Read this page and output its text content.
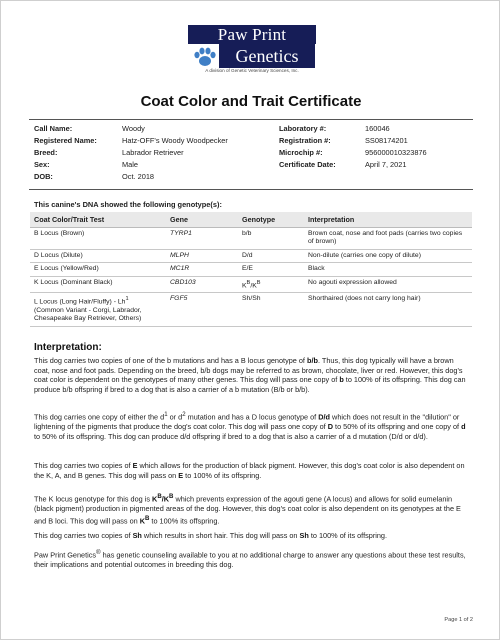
Paw Print
Genetics
A division of Genetic Veterinary Sciences, Inc.
Coat Color and Trait Certificate
Call Name:	Woody
Registered Name:	Hatz-OFF's Woody Woodpecker
Breed:	Labrador Retriever
Sex:	Male
DOB:	Oct. 2018
Laboratory #:	160046
Registration #:	SS08174201
Microchip #:	956000010323876
Certificate Date:	April 7, 2021
This canine's DNA showed the following genotype(s):
Coat Color/Trait Test	Gene	Genotype	Interpretation
B Locus (Brown)	TYRP1	b/b	Brown coat, nose and foot pads (carries two copies of brown)
D Locus (Dilute)	MLPH	D/d	Non-dilute (carries one copy of dilute)
E Locus (Yellow/Red)	MC1R	E/E	Black
K Locus (Dominant Black)	CBD103	$K^B/K^B$	No agouti expression allowed
L Locus (Long Hair/Fluffy) - Lh$^1$
(Common Variant - Corgi, Labrador, Chesapeake Bay Retriever, Others)	FGF5	Sh/Sh	Shorthaired (does not carry long hair)
Interpretation:
This dog carries two copies of one of the b mutations and has a B locus genotype of b/b. Thus, this dog typically will have a brown coat, nose and foot pads. Depending on the breed, b/b dogs may be referred to as brown, chocolate, liver or red. However, this dog's coat color is dependent on the genotypes of many other genes. This dog will pass one copy of b to 100% of its offspring. This dog can produce b/b offspring if bred to a dog that is also a carrier of a b mutation (B/b or b/b).
This dog carries one copy of either the $d^1$ or $d^2$ mutation and has a D locus genotype of D/d which does not result in the "dilution" or lightening of the pigments that produce the dog's coat color. This dog will pass one copy of D to 50% of its offspring and one copy of d to 50% of its offspring. This dog can produce d/d offspring if bred to a dog that is also a carrier of a d mutation (D/d or d/d).
This dog carries two copies of E which allows for the production of black pigment. However, this dog's coat color is also dependent on the K, A, and B genes. This dog will pass on E to 100% of its offspring.
The K locus genotype for this dog is $K^B/K^B$ which prevents expression of the agouti gene (A locus) and allows for solid eumelanin (black pigment) production in pigmented areas of the dog. However, this dog's coat color is also dependent on its genotypes at the E and B loci. This dog will pass on $K^B$ to 100% its offspring.
This dog carries two copies of Sh which results in short hair. This dog will pass on Sh to 100% of its offspring.
Paw Print Genetics® has genetic counseling available to you at no additional charge to answer any questions about these test results, their implications and potential outcomes in breeding this dog.
Page 1 of 2
